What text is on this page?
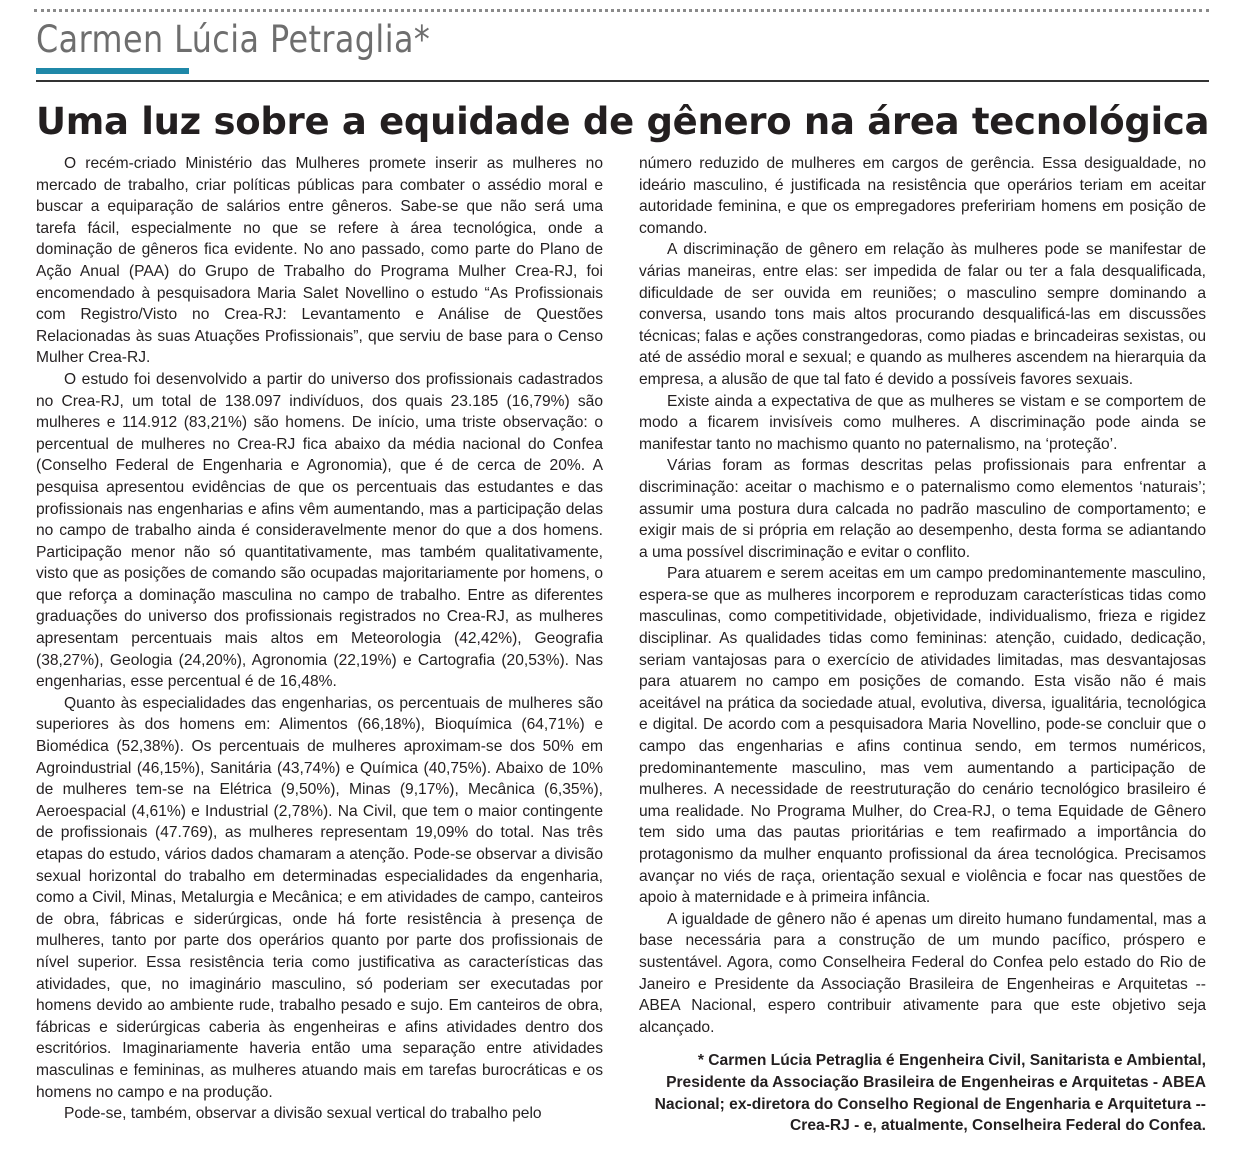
Carmen Lúcia Petraglia*
Uma luz sobre a equidade de gênero na área tecnológica

O recém-criado Ministério das Mulheres promete inserir as mulheres no mercado de trabalho, criar políticas públicas para combater o assédio moral e buscar a equiparação de salários entre gêneros. Sabe-se que não será uma tarefa fácil, especialmente no que se refere à área tecnológica, onde a dominação de gêneros fica evidente. No ano passado, como parte do Plano de Ação Anual (PAA) do Grupo de Trabalho do Programa Mulher Crea-RJ, foi encomendado à pesquisadora Maria Salet Novellino o estudo “As Profissionais com Registro/Visto no Crea-RJ: Levantamento e Análise de Questões Relacionadas às suas Atuações Profissionais”, que serviu de base para o Censo Mulher Crea-RJ.

O estudo foi desenvolvido a partir do universo dos profissionais cadastrados no Crea-RJ, um total de 138.097 indivíduos, dos quais 23.185 (16,79%) são mulheres e 114.912 (83,21%) são homens. De início, uma triste observação: o percentual de mulheres no Crea-RJ fica abaixo da média nacional do Confea (Conselho Federal de Engenharia e Agronomia), que é de cerca de 20%. A pesquisa apresentou evidências de que os percentuais das estudantes e das profissionais nas engenharias e afins vêm aumentando, mas a participação delas no campo de trabalho ainda é consideravelmente menor do que a dos homens. Participação menor não só quantitativamente, mas também qualitativamente, visto que as posições de comando são ocupadas majoritariamente por homens, o que reforça a dominação masculina no campo de trabalho. Entre as diferentes graduações do universo dos profissionais registrados no Crea-RJ, as mulheres apresentam percentuais mais altos em Meteorologia (42,42%), Geografia (38,27%), Geologia (24,20%), Agronomia (22,19%) e Cartografia (20,53%). Nas engenharias, esse percentual é de 16,48%.

Quanto às especialidades das engenharias, os percentuais de mulheres são superiores às dos homens em: Alimentos (66,18%), Bioquímica (64,71%) e Biomédica (52,38%). Os percentuais de mulheres aproximam-se dos 50% em Agroindustrial (46,15%), Sanitária (43,74%) e Química (40,75%). Abaixo de 10% de mulheres tem-se na Elétrica (9,50%), Minas (9,17%), Mecânica (6,35%), Aeroespacial (4,61%) e Industrial (2,78%). Na Civil, que tem o maior contingente de profissionais (47.769), as mulheres representam 19,09% do total. Nas três etapas do estudo, vários dados chamaram a atenção. Pode-se observar a divisão sexual horizontal do trabalho em determinadas especialidades da engenharia, como a Civil, Minas, Metalurgia e Mecânica; e em atividades de campo, canteiros de obra, fábricas e siderúrgicas, onde há forte resistência à presença de mulheres, tanto por parte dos operários quanto por parte dos profissionais de nível superior. Essa resistência teria como justificativa as características das atividades, que, no imaginário masculino, só poderiam ser executadas por homens devido ao ambiente rude, trabalho pesado e sujo. Em canteiros de obra, fábricas e siderúrgicas caberia às engenheiras e afins atividades dentro dos escritórios. Imaginariamente haveria então uma separação entre atividades masculinas e femininas, as mulheres atuando mais em tarefas burocráticas e os homens no campo e na produção.

Pode-se, também, observar a divisão sexual vertical do trabalho pelo

número reduzido de mulheres em cargos de gerência. Essa desigualdade, no ideário masculino, é justificada na resistência que operários teriam em aceitar autoridade feminina, e que os empregadores prefeririam homens em posição de comando.

A discriminação de gênero em relação às mulheres pode se manifestar de várias maneiras, entre elas: ser impedida de falar ou ter a fala desqualificada, dificuldade de ser ouvida em reuniões; o masculino sempre dominando a conversa, usando tons mais altos procurando desqualificá-las em discussões técnicas; falas e ações constrangedoras, como piadas e brincadeiras sexistas, ou até de assédio moral e sexual; e quando as mulheres ascendem na hierarquia da empresa, a alusão de que tal fato é devido a possíveis favores sexuais.

Existe ainda a expectativa de que as mulheres se vistam e se comportem de modo a ficarem invisíveis como mulheres. A discriminação pode ainda se manifestar tanto no machismo quanto no paternalismo, na ‘proteção’.

Várias foram as formas descritas pelas profissionais para enfrentar a discriminação: aceitar o machismo e o paternalismo como elementos ‘naturais’; assumir uma postura dura calcada no padrão masculino de comportamento; e exigir mais de si própria em relação ao desempenho, desta forma se adiantando a uma possível discriminação e evitar o conflito.

Para atuarem e serem aceitas em um campo predominantemente masculino, espera-se que as mulheres incorporem e reproduzam características tidas como masculinas, como competitividade, objetividade, individualismo, frieza e rigidez disciplinar. As qualidades tidas como femininas: atenção, cuidado, dedicação, seriam vantajosas para o exercício de atividades limitadas, mas desvantajosas para atuarem no campo em posições de comando. Esta visão não é mais aceitável na prática da sociedade atual, evolutiva, diversa, igualitária, tecnológica e digital. De acordo com a pesquisadora Maria Novellino, pode-se concluir que o campo das engenharias e afins continua sendo, em termos numéricos, predominantemente masculino, mas vem aumentando a participação de mulheres. A necessidade de reestruturação do cenário tecnológico brasileiro é uma realidade. No Programa Mulher, do Crea-RJ, o tema Equidade de Gênero tem sido uma das pautas prioritárias e tem reafirmado a importância do protagonismo da mulher enquanto profissional da área tecnológica. Precisamos avançar no viés de raça, orientação sexual e violência e focar nas questões de apoio à maternidade e à primeira infância.

A igualdade de gênero não é apenas um direito humano fundamental, mas a base necessária para a construção de um mundo pacífico, próspero e sustentável. Agora, como Conselheira Federal do Confea pelo estado do Rio de Janeiro e Presidente da Associação Brasileira de Engenheiras e Arquitetas -- ABEA Nacional, espero contribuir ativamente para que este objetivo seja alcançado.

* Carmen Lúcia Petraglia é Engenheira Civil, Sanitarista e Ambiental, Presidente da Associação Brasileira de Engenheiras e Arquitetas - ABEA Nacional; ex-diretora do Conselho Regional de Engenharia e Arquitetura -- Crea-RJ - e, atualmente, Conselheira Federal do Confea.
